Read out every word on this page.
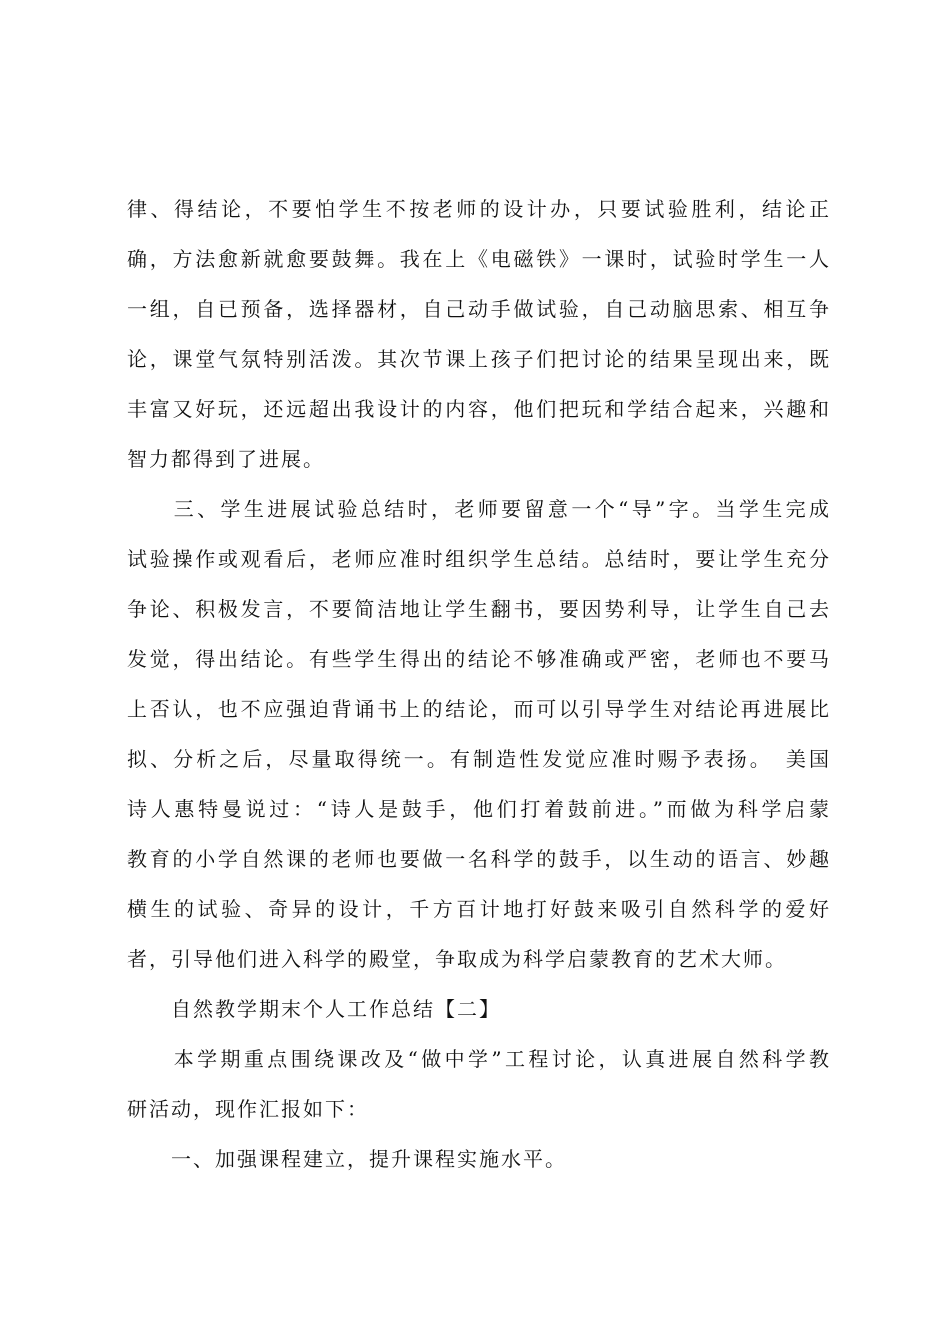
律、得结论，不要怕学生不按老师的设计办，只要试验胜利，结论正
确，方法愈新就愈要鼓舞。我在上《电磁铁》一课时，试验时学生一人
一组，自已预备，选择器材，自己动手做试验，自己动脑思索、相互争
论，课堂气氛特别活泼。其次节课上孩子们把讨论的结果呈现出来，既
丰富又好玩，还远超出我设计的内容，他们把玩和学结合起来，兴趣和
智力都得到了进展。
　　三、学生进展试验总结时，老师要留意一个“导”字。当学生完成
试验操作或观看后，老师应准时组织学生总结。总结时，要让学生充分
争论、积极发言，不要简洁地让学生翻书，要因势利导，让学生自己去
发觉，得出结论。有些学生得出的结论不够准确或严密，老师也不要马
上否认，也不应强迫背诵书上的结论，而可以引导学生对结论再进展比
拟、分析之后，尽量取得统一。有制造性发觉应准时赐予表扬。　美国
诗人惠特曼说过：“诗人是鼓手，他们打着鼓前进。”而做为科学启蒙
教育的小学自然课的老师也要做一名科学的鼓手，以生动的语言、妙趣
横生的试验、奇异的设计，千方百计地打好鼓来吸引自然科学的爱好
者，引导他们进入科学的殿堂，争取成为科学启蒙教育的艺术大师。
　　自然教学期末个人工作总结【二】
　　本学期重点围绕课改及“做中学”工程讨论，认真进展自然科学教
研活动，现作汇报如下：
　　一、加强课程建立，提升课程实施水平。
